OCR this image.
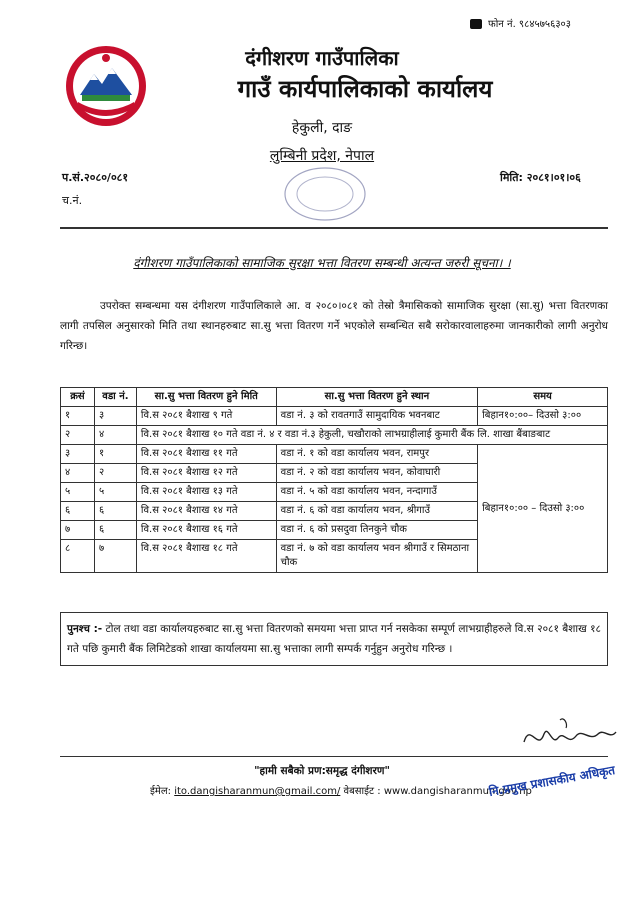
फोन नं. ९८४५७५६३०३
दंगीशरण गाउँपालिका
गाउँ कार्यपालिकाको कार्यालय
हेकुली, दाङ
लुम्बिनी प्रदेश, नेपाल
प.सं.२०८०/०८१
च.नं.
मिति: २०८१।०१।०६
दंगीशरण गाउँपालिकाको सामाजिक सुरक्षा भत्ता वितरण सम्बन्धी अत्यन्त जरुरी सूचना। ।
उपरोक्त सम्बन्धमा यस दंगीशरण गाउँपालिकाले आ. व २०८०।०८१ को तेस्रो त्रैमासिकको सामाजिक सुरक्षा (सा.सु) भत्ता वितरणका लागी तपसिल अनुसारको मिति तथा स्थानहरुबाट सा.सु भत्ता वितरण गर्ने भएकोले सम्बन्धित सबै सरोकारवालाहरुमा जानकारीको लागी अनुरोध गरिन्छ।
क्रसं	वडा नं.	सा.सु भत्ता वितरण हुने मिति	सा.सु भत्ता वितरण हुने स्थान	समय
१	३	वि.स २०८१ बैशाख ९ गते	वडा नं. ३ को रावतगाउँ सामुदायिक भवनबाट	बिहान१०:००– दिउसो ३:००
२	४	वि.स २०८१ बैशाख १० गते वडा नं. ४ र वडा नं.३ हेकुली, चखौराको लाभग्राहीलाई कुमारी बैंक लि. शाखा बैंबाङबाट		
३	१	वि.स २०८१ बैशाख ११ गते	वडा नं. १ को वडा कार्यालय भवन, रामपुर	बिहान१०:०० – दिउसो ३:००
४	२	वि.स २०८१ बैशाख १२ गते	वडा नं. २ को वडा कार्यालय भवन, कोवाघारी	
५	५	वि.स २०८१ बैशाख १३ गते	वडा नं. ५ को वडा कार्यालय भवन, नन्दागाउँ	
६	६	वि.स २०८१ बैशाख १४ गते	वडा नं. ६ को वडा कार्यालय भवन, श्रीगाउँ	
७	६	वि.स २०८१ बैशाख १६ गते	वडा नं. ६ को प्रसदुवा तिनकुने चौक	
८	७	वि.स २०८१ बैशाख १८ गते	वडा नं. ७ को वडा कार्यालय भवन श्रीगाउँ र सिमठाना चौक	
पुनश्च :- टोल तथा वडा कार्यालयहरुबाट सा.सु भत्ता वितरणको समयमा भत्ता प्राप्त गर्न नसकेका सम्पूर्ण लाभग्राहीहरुले वि.स २०८१ बैशाख १८ गते पछि कुमारी बैंक लिमिटेडको शाखा कार्यालयमा सा.सु भत्ताका लागी सम्पर्क गर्नुहुन अनुरोध गरिन्छ ।
"हामी सबैको प्रण:समृद्ध दंगीशरण"
ईमेल: ito.dangisharanmun@gmail.com/ वेबसाईट : www.dangisharanmun.gov.np
नि.प्रमुख प्रशासकीय अधिकृत
